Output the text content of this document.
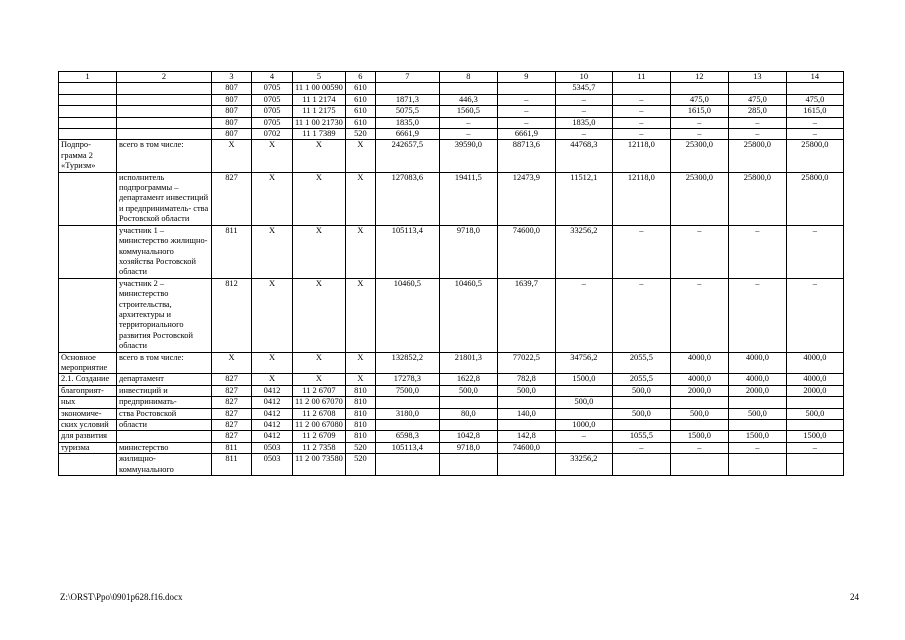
1	2	3	4	5	6	7	8	9	10	11	12	13	14
		807	0705	11 1 00 00590	610				5345,7				
		807	0705	11 1 2174	610	1871,3	446,3	–	–	–	475,0	475,0	475,0
		807	0705	11 1 2175	610	5075,5	1560,5	–	–	–	1615,0	285,0	1615,0
		807	0705	11 1 00 21730	610	1835,0	–	–	1835,0	–	–	–	–
		807	0702	11 1 7389	520	6661,9	–	6661,9	–	–	–	–	–
Подпро- грамма 2 «Туризм»	всего в том числе:	Х	Х	Х	Х	242657,5	39590,0	88713,6	44768,3	12118,0	25300,0	25800,0	25800,0
	исполнитель подпрограммы – департамент инвестиций и предприниматель- ства Ростовской области	827	Х	Х	Х	127083,6	19411,5	12473,9	11512,1	12118,0	25300,0	25800,0	25800,0
	участник 1 – министерство жилищно- коммунального хозяйства Ростовской области	811	Х	Х	Х	105113,4	9718,0	74600,0	33256,2	–	–	–	–
	участник 2 – министерство строительства, архитектуры и территориального развития Ростовской области	812	Х	Х	Х	10460,5	10460,5	1639,7	–	–	–	–	–
Основное мероприятие	всего в том числе:	Х	Х	Х	Х	132852,2	21801,3	77022,5	34756,2	2055,5	4000,0	4000,0	4000,0
2.1. Создание	департамент	827	Х	Х	Х	17278,3	1622,8	782,8	1500,0	2055,5	4000,0	4000,0	4000,0
благоприят-	инвестиций и	827	0412	11 2 6707	810	7500,0	500,0	500,0		500,0	2000,0	2000,0	2000,0
ных	предпринимать-	827	0412	11 2 00 67070	810				500,0				
экономиче-	ства Ростовской	827	0412	11 2 6708	810	3180,0	80,0	140,0		500,0	500,0	500,0	500,0
ских условий	области	827	0412	11 2 00 67080	810				1000,0				
для развития		827	0412	11 2 6709	810	6598,3	1042,8	142,8	–	1055,5	1500,0	1500,0	1500,0
туризма	министерство	811	0503	11 2 7358	520	105113,4	9718,0	74600,0		–	–	–	–
	жилищно- коммунального	811	0503	11 2 00 73580	520				33256,2				
Z:\ORST\Ppo\0901p628.f16.docx	24
